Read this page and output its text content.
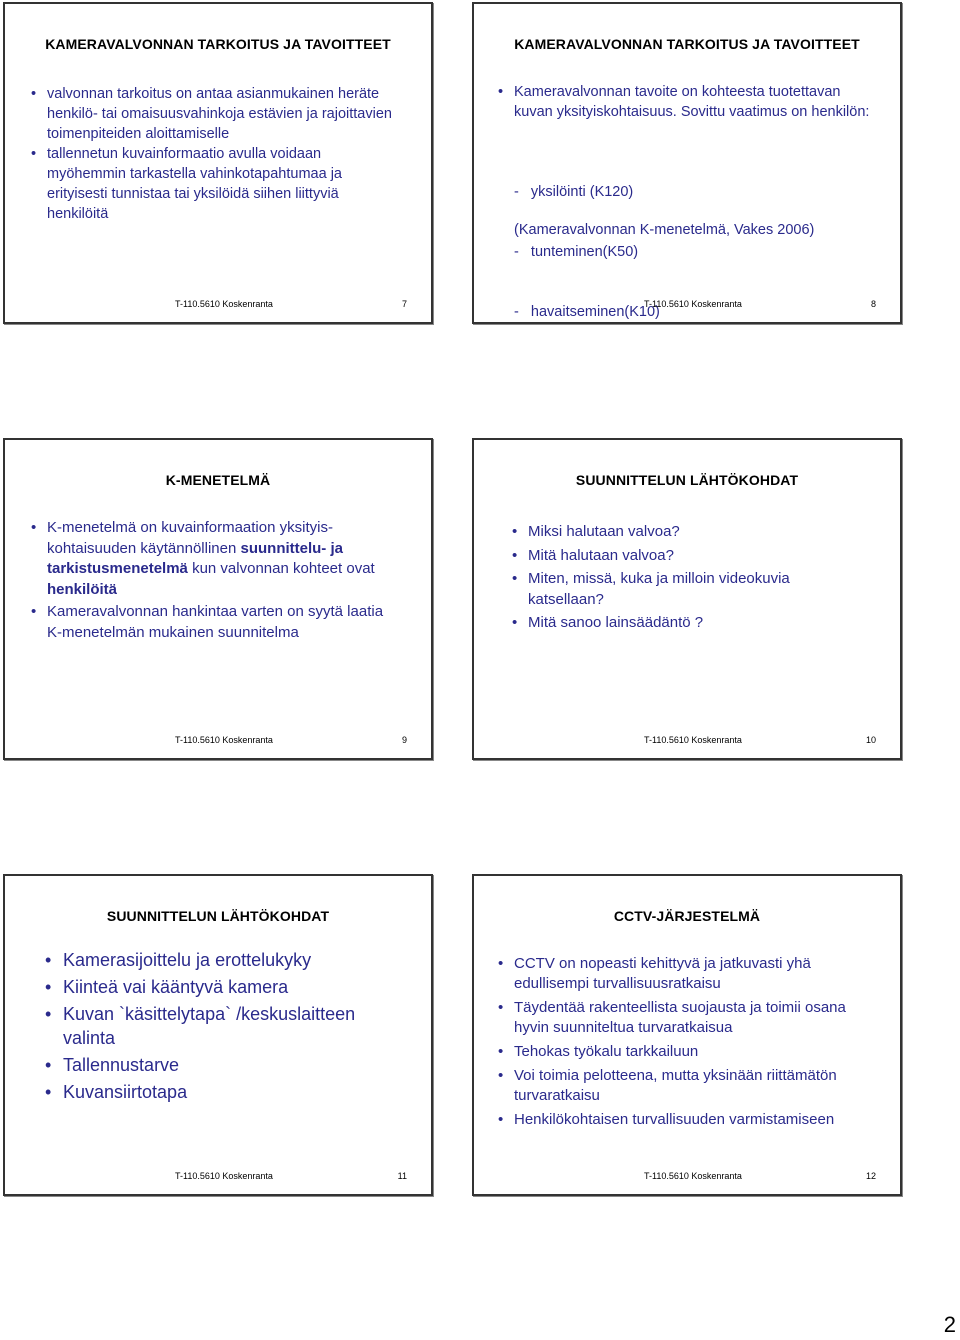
KAMERAVALVONNAN TARKOITUS JA TAVOITTEET
• valvonnan tarkoitus on antaa asianmukainen heräte henkilö- tai omaisuusvahinkoja estävien ja rajoittavien toimenpiteiden aloittamiselle
• tallennetun kuvainformaatio avulla voidaan myöhemmin tarkastella vahinkotapahtumaa ja erityisesti tunnistaa tai yksilöidä siihen liittyviä henkilöitä
T-110.5610 Koskenranta	7
KAMERAVALVONNAN TARKOITUS JA TAVOITTEET
• Kameravalvonnan tavoite on kohteesta tuotettavan kuvan yksityiskohtaisuus. Sovittu vaatimus on henkilön:

-   yksilöinti (K120)

-   tunteminen(K50)

-   havaitseminen(K10)

(Kameravalvonnan K-menetelmä, Vakes 2006)
T-110.5610 Koskenranta	8
K-MENETELMÄ
• K-menetelmä on kuvainformaation yksityis-kohtaisuuden käytännöllinen suunnittelu- ja tarkistusmenetelmä kun valvonnan kohteet ovat henkilöitä
• Kameravalvonnan hankintaa varten on syytä laatia K-menetelmän mukainen suunnitelma
T-110.5610 Koskenranta	9
SUUNNITTELUN LÄHTÖKOHDAT
• Miksi halutaan valvoa?
• Mitä halutaan valvoa?
• Miten, missä, kuka ja milloin videokuvia katsellaan?
• Mitä sanoo lainsäädäntö ?
T-110.5610 Koskenranta	10
SUUNNITTELUN LÄHTÖKOHDAT
• Kamerasijoittelu ja erottelukyky
• Kiinteä vai kääntyvä kamera
• Kuvan `käsittelytapa` /keskuslaitteen valinta
• Tallennustarve
• Kuvansiirtotapa
T-110.5610 Koskenranta	11
CCTV-JÄRJESTELMÄ
• CCTV on nopeasti kehittyvä ja jatkuvasti yhä edullisempi turvallisuusratkaisu
• Täydentää rakenteellista suojausta ja toimii osana hyvin suunniteltua turvaratkaisua
• Tehokas työkalu tarkkailuun
• Voi toimia pelotteena, mutta yksinään riittämätön turvaratkaisu
• Henkilökohtaisen turvallisuuden varmistamiseen
T-110.5610 Koskenranta	12
2
